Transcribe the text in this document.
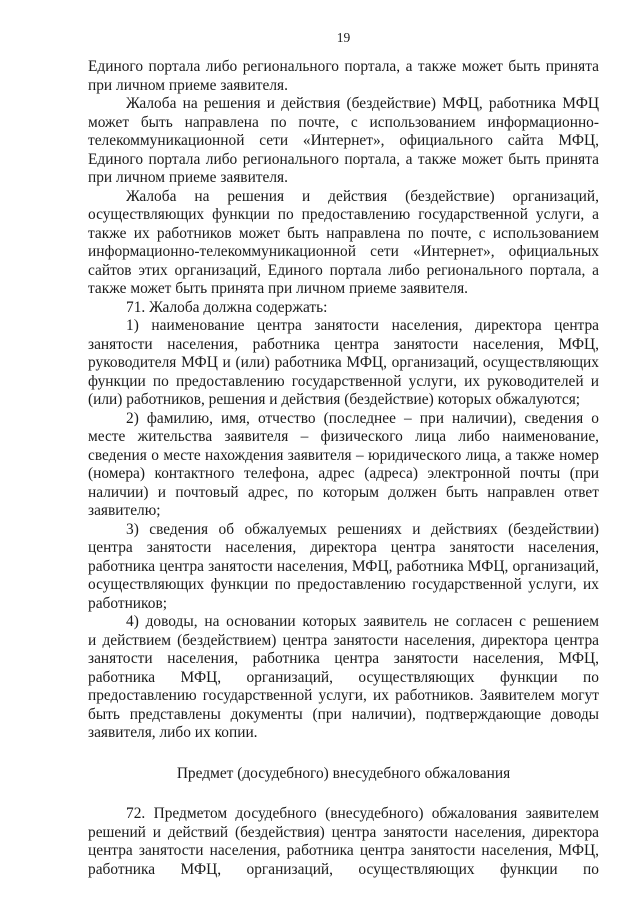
19

Единого портала либо регионального портала, а также может быть принята
при личном приеме заявителя.

Жалоба на решения и действия (бездействие) МФЦ, работника МФЦ
может быть направлена по почте, с использованием информационно-
телекоммуникационной сети «Интернет», официального сайта МФЦ,
Единого портала либо регионального портала, а также может быть принята
при личном приеме заявителя.

Жалоба на решения и действия (бездействие) организаций,
осуществляющих функции по предоставлению государственной услуги, а
также их работников может быть направлена по почте, с использованием
информационно-телекоммуникационной сети «Интернет», официальных
сайтов этих организаций, Единого портала либо регионального портала, а
также может быть принята при личном приеме заявителя.

71. Жалоба должна содержать:

1) наименование центра занятости населения, директора центра
занятости населения, работника центра занятости населения, МФЦ,
руководителя МФЦ и (или) работника МФЦ, организаций, осуществляющих
функции по предоставлению государственной услуги, их руководителей и
(или) работников, решения и действия (бездействие) которых обжалуются;

2) фамилию, имя, отчество (последнее – при наличии), сведения о
месте жительства заявителя – физического лица либо наименование,
сведения о месте нахождения заявителя – юридического лица, а также номер
(номера) контактного телефона, адрес (адреса) электронной почты (при
наличии) и почтовый адрес, по которым должен быть направлен ответ
заявителю;

3) сведения об обжалуемых решениях и действиях (бездействии)
центра занятости населения, директора центра занятости населения,
работника центра занятости населения, МФЦ, работника МФЦ, организаций,
осуществляющих функции по предоставлению государственной услуги, их
работников;

4) доводы, на основании которых заявитель не согласен с решением
и действием (бездействием) центра занятости населения, директора центра
занятости населения, работника центра занятости населения, МФЦ,
работника МФЦ, организаций, осуществляющих функции по
предоставлению государственной услуги, их работников. Заявителем могут
быть представлены документы (при наличии), подтверждающие доводы
заявителя, либо их копии.

Предмет (досудебного) внесудебного обжалования

72. Предметом досудебного (внесудебного) обжалования заявителем
решений и действий (бездействия) центра занятости населения, директора
центра занятости населения, работника центра занятости населения, МФЦ,
работника МФЦ, организаций, осуществляющих функции по
